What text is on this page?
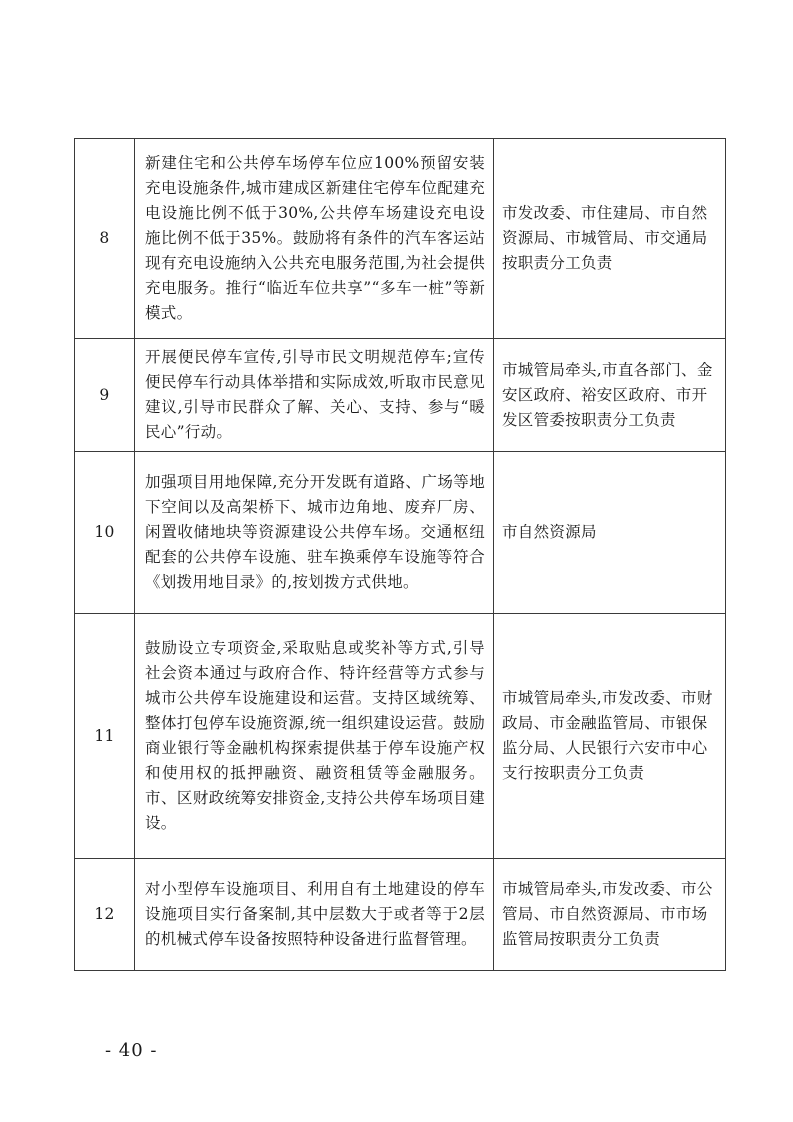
8	新建住宅和公共停车场停车位应100%预留安装充电设施条件,城市建成区新建住宅停车位配建充电设施比例不低于30%,公共停车场建设充电设施比例不低于35%。鼓励将有条件的汽车客运站现有充电设施纳入公共充电服务范围,为社会提供充电服务。推行“临近车位共享”“多车一桩”等新模式。	市发改委、市住建局、市自然资源局、市城管局、市交通局按职责分工负责
9	开展便民停车宣传,引导市民文明规范停车;宣传便民停车行动具体举措和实际成效,听取市民意见建议,引导市民群众了解、关心、支持、参与“暖民心”行动。	市城管局牵头,市直各部门、金安区政府、裕安区政府、市开发区管委按职责分工负责
10	加强项目用地保障,充分开发既有道路、广场等地下空间以及高架桥下、城市边角地、废弃厂房、闲置收储地块等资源建设公共停车场。交通枢纽配套的公共停车设施、驻车换乘停车设施等符合《划拨用地目录》的,按划拨方式供地。	市自然资源局
11	鼓励设立专项资金,采取贴息或奖补等方式,引导社会资本通过与政府合作、特许经营等方式参与城市公共停车设施建设和运营。支持区域统筹、整体打包停车设施资源,统一组织建设运营。鼓励商业银行等金融机构探索提供基于停车设施产权和使用权的抵押融资、融资租赁等金融服务。市、区财政统筹安排资金,支持公共停车场项目建设。	市城管局牵头,市发改委、市财政局、市金融监管局、市银保监分局、人民银行六安市中心支行按职责分工负责
12	对小型停车设施项目、利用自有土地建设的停车设施项目实行备案制,其中层数大于或者等于2层的机械式停车设备按照特种设备进行监督管理。	市城管局牵头,市发改委、市公管局、市自然资源局、市市场监管局按职责分工负责
- 40 -
